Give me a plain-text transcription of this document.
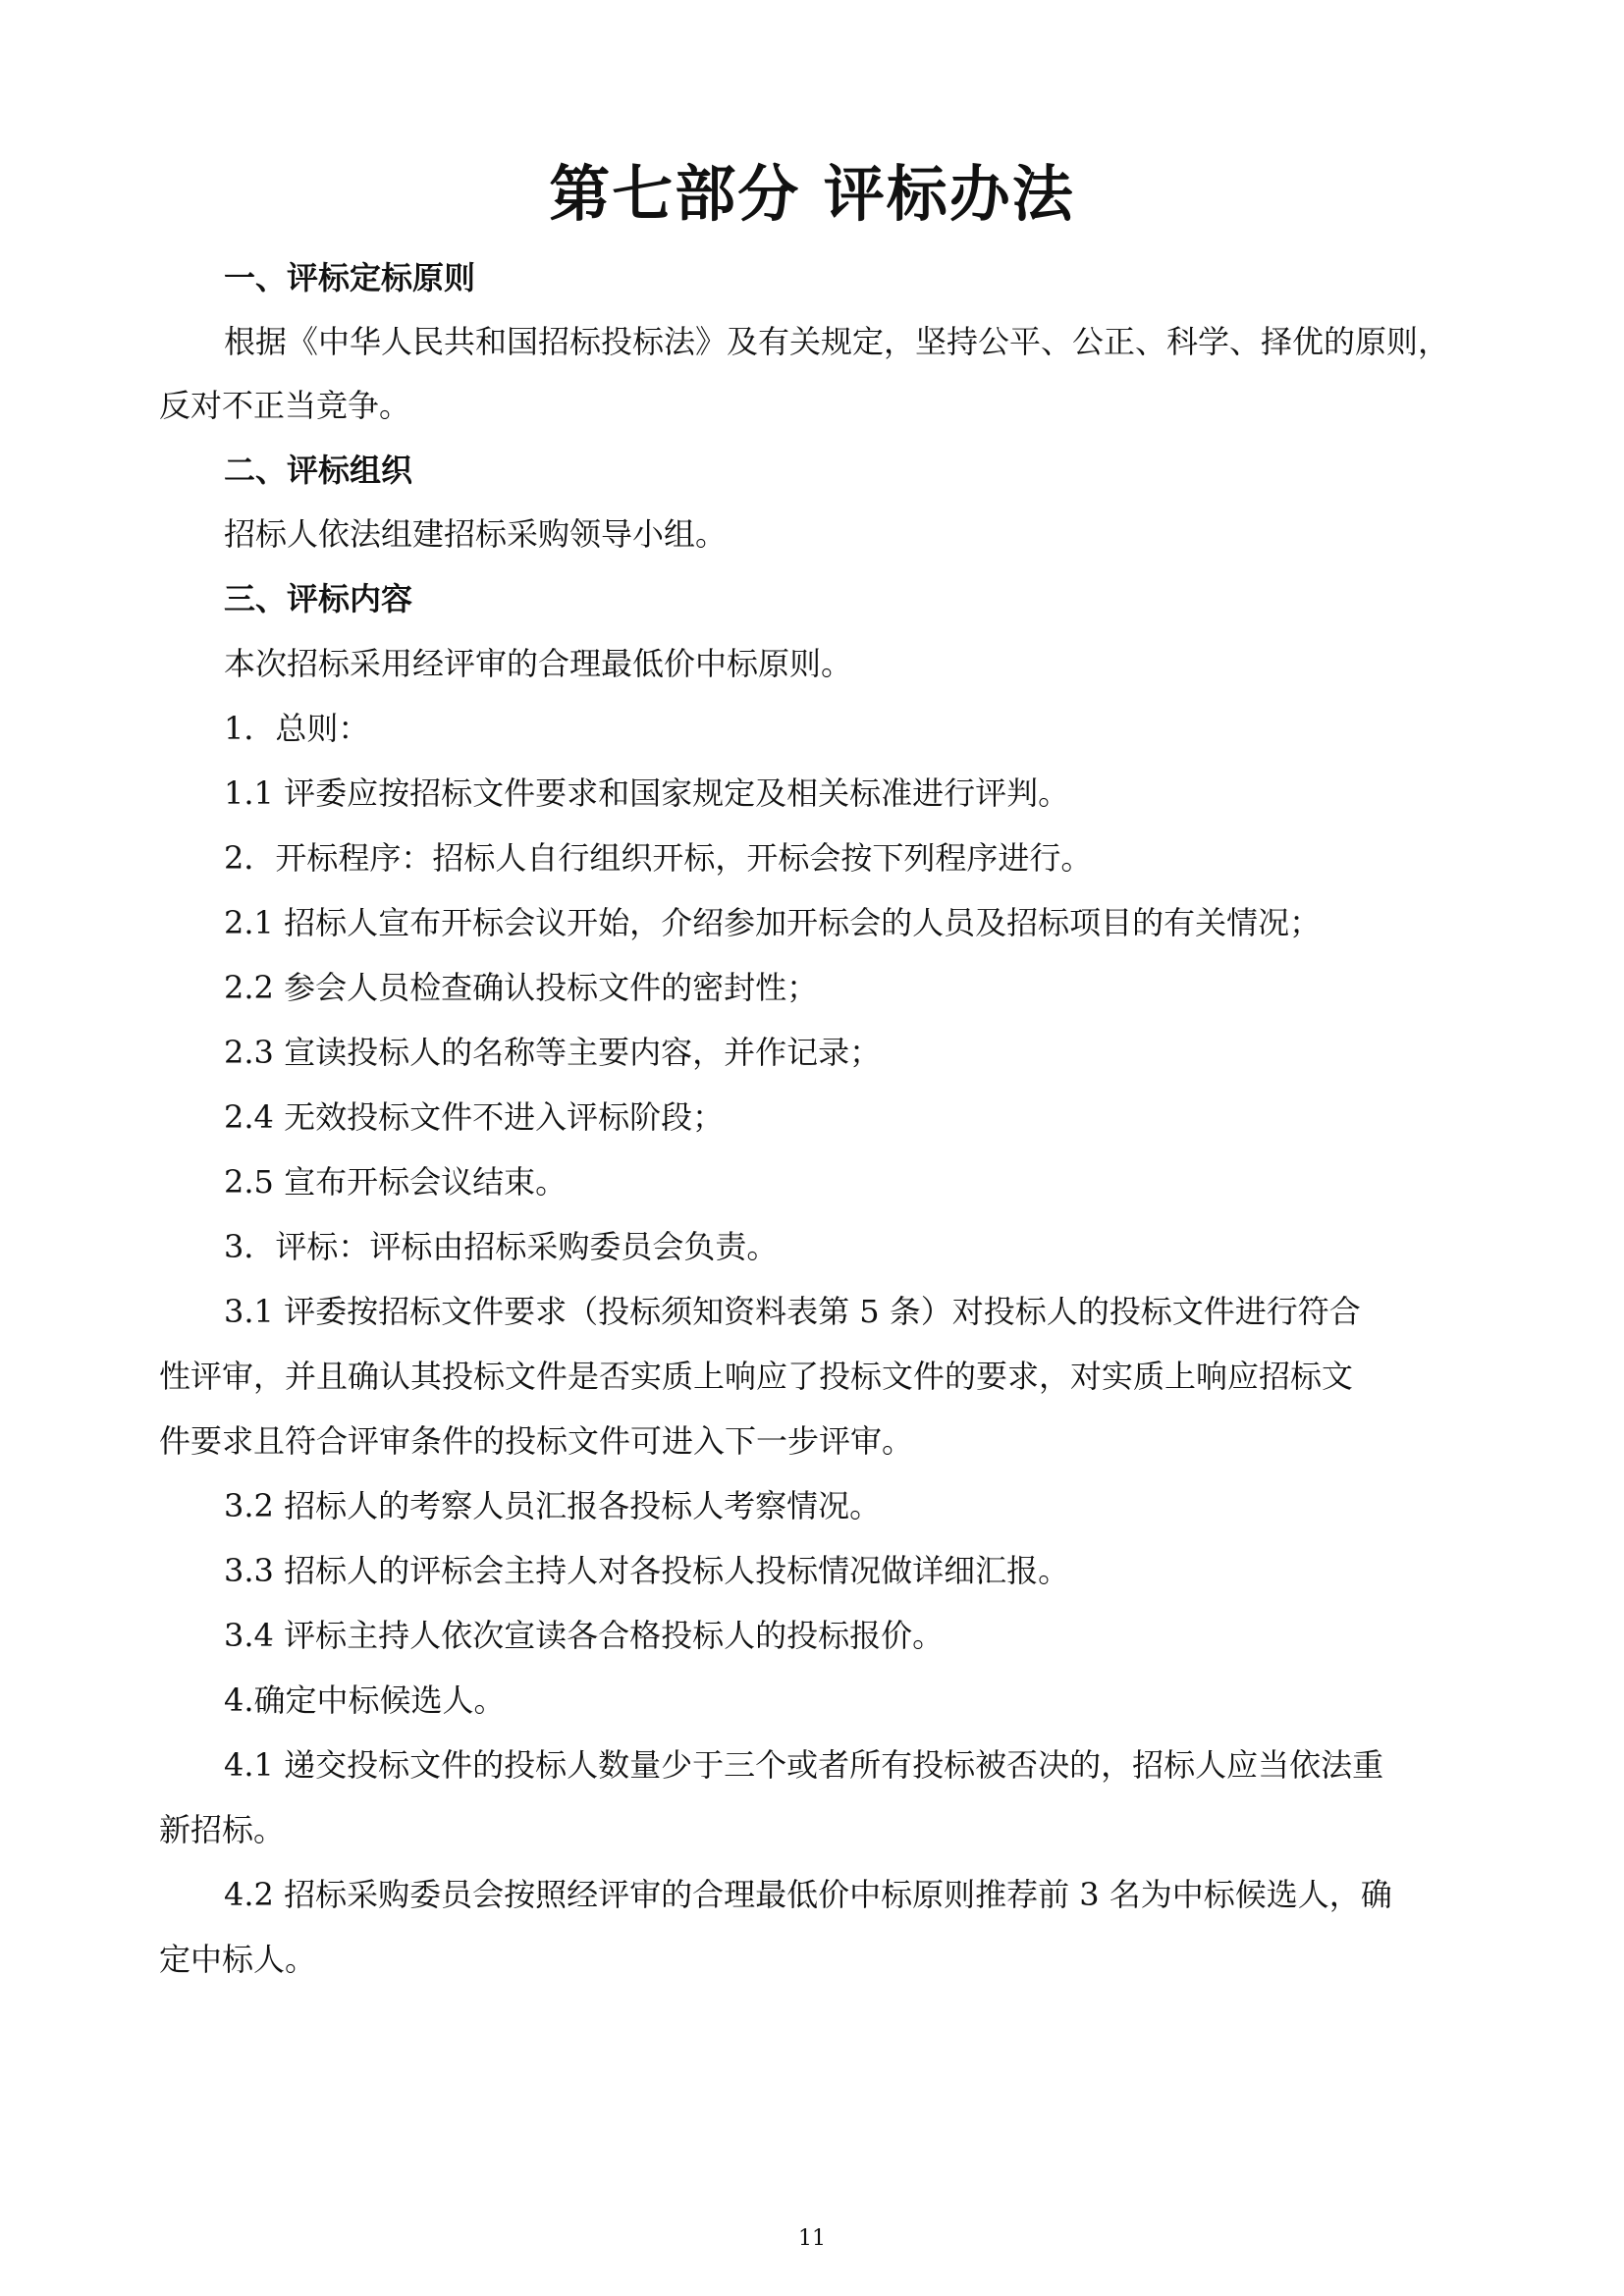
第七部分 评标办法
一、评标定标原则
根据《中华人民共和国招标投标法》及有关规定，坚持公平、公正、科学、择优的原则，
反对不正当竞争。
二、评标组织
招标人依法组建招标采购领导小组。
三、评标内容
本次招标采用经评审的合理最低价中标原则。
1．总则：
1.1 评委应按招标文件要求和国家规定及相关标准进行评判。
2．开标程序：招标人自行组织开标，开标会按下列程序进行。
2.1 招标人宣布开标会议开始，介绍参加开标会的人员及招标项目的有关情况；
2.2 参会人员检查确认投标文件的密封性；
2.3 宣读投标人的名称等主要内容，并作记录；
2.4 无效投标文件不进入评标阶段；
2.5 宣布开标会议结束。
3．评标：评标由招标采购委员会负责。
3.1 评委按招标文件要求（投标须知资料表第 5 条）对投标人的投标文件进行符合
性评审，并且确认其投标文件是否实质上响应了投标文件的要求，对实质上响应招标文
件要求且符合评审条件的投标文件可进入下一步评审。
3.2 招标人的考察人员汇报各投标人考察情况。
3.3 招标人的评标会主持人对各投标人投标情况做详细汇报。
3.4 评标主持人依次宣读各合格投标人的投标报价。
4.确定中标候选人。
4.1 递交投标文件的投标人数量少于三个或者所有投标被否决的，招标人应当依法重
新招标。
4.2 招标采购委员会按照经评审的合理最低价中标原则推荐前 3 名为中标候选人，确
定中标人。
11
